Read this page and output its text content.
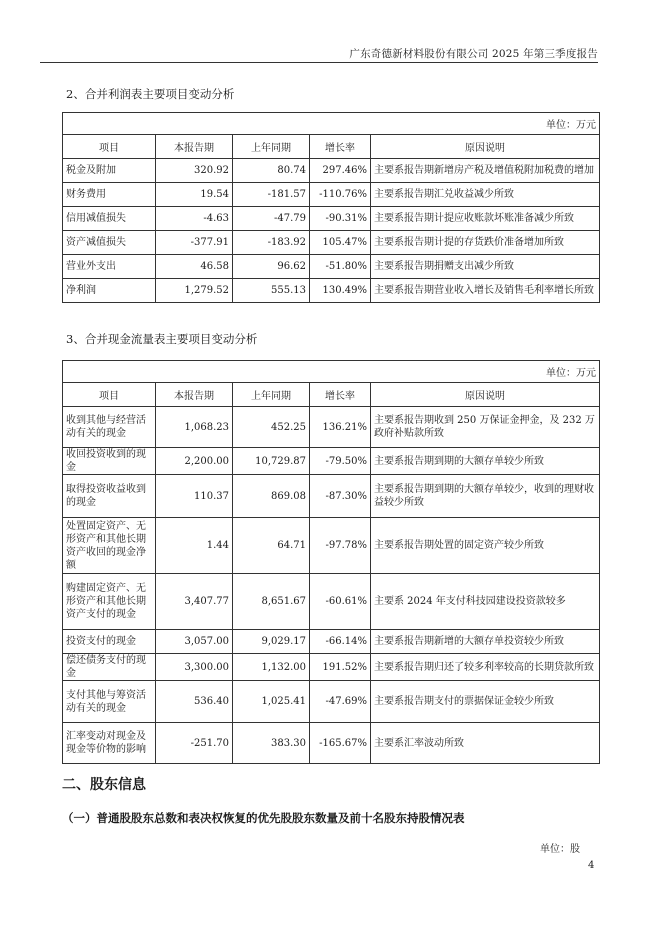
广东奇德新材料股份有限公司 2025 年第三季度报告
2、合并利润表主要项目变动分析
单位：万元				
项目	本报告期	上年同期	增长率	原因说明
税金及附加	320.92	80.74	297.46%	主要系报告期新增房产税及增值税附加税费的增加
财务费用	19.54	-181.57	-110.76%	主要系报告期汇兑收益减少所致
信用减值损失	-4.63	-47.79	-90.31%	主要系报告期计提应收账款坏账准备减少所致
资产减值损失	-377.91	-183.92	105.47%	主要系报告期计提的存货跌价准备增加所致
营业外支出	46.58	96.62	-51.80%	主要系报告期捐赠支出减少所致
净利润	1,279.52	555.13	130.49%	主要系报告期营业收入增长及销售毛利率增长所致
3、合并现金流量表主要项目变动分析
单位：万元				
项目	本报告期	上年同期	增长率	原因说明
收到其他与经营活动有关的现金	1,068.23	452.25	136.21%	主要系报告期收到 250 万保证金押金，及 232 万政府补贴款所致
收回投资收到的现金	2,200.00	10,729.87	-79.50%	主要系报告期到期的大额存单较少所致
取得投资收益收到的现金	110.37	869.08	-87.30%	主要系报告期到期的大额存单较少，收到的理财收益较少所致
处置固定资产、无形资产和其他长期资产收回的现金净额	1.44	64.71	-97.78%	主要系报告期处置的固定资产较少所致
购建固定资产、无形资产和其他长期资产支付的现金	3,407.77	8,651.67	-60.61%	主要系 2024 年支付科技园建设投资款较多
投资支付的现金	3,057.00	9,029.17	-66.14%	主要系报告期新增的大额存单投资较少所致
偿还债务支付的现金	3,300.00	1,132.00	191.52%	主要系报告期归还了较多利率较高的长期贷款所致
支付其他与筹资活动有关的现金	536.40	1,025.41	-47.69%	主要系报告期支付的票据保证金较少所致
汇率变动对现金及现金等价物的影响	-251.70	383.30	-165.67%	主要系汇率波动所致
二、股东信息
（一）普通股股东总数和表决权恢复的优先股股东数量及前十名股东持股情况表
单位：股
4
